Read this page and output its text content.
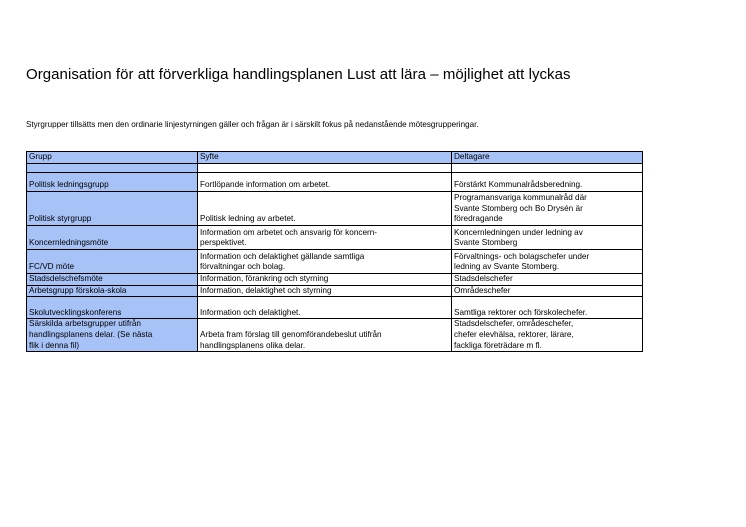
Organisation för att förverkliga handlingsplanen Lust att lära – möjlighet att lyckas
Styrgrupper tillsätts men den ordinarie linjestyrningen gäller och frågan är i särskilt fokus på nedanstående mötesgrupperingar.
Grupp	Syfte	Deltagare

Politisk ledningsgrupp	Fortlöpande information om arbetet.	Förstärkt Kommunalrådsberedning.

Politisk styrgrupp	Politisk ledning av arbetet.	Programansvariga kommunalråd där
Svante Stomberg och Bo Drysén är
föredragande

Koncernledningsmöte	Information om arbetet och ansvarig för koncern-
perspektivet.	Koncernledningen under ledning av
Svante Stomberg

FC/VD möte	Information och delaktighet gällande samtliga
förvaltningar och bolag.	Förvaltnings- och bolagschefer under
ledning av Svante Stomberg.

Stadsdelschefsmöte	Information, förankring och styrning	Stadsdelschefer

Arbetsgrupp förskola-skola	Information, delaktighet och styrning	Områdeschefer

Skolutvecklingskonferens	Information och delaktighet.	Samtliga rektorer och förskolechefer.

Särskilda arbetsgrupper utifrån
handlingsplanens delar. (Se nästa
flik i denna fil)	Arbeta fram förslag till genomförandebeslut utifrån
handlingsplanens olika delar.	Stadsdelschefer, områdeschefer,
chefer elevhälsa, rektorer, lärare,
fackliga företrädare m fl.
